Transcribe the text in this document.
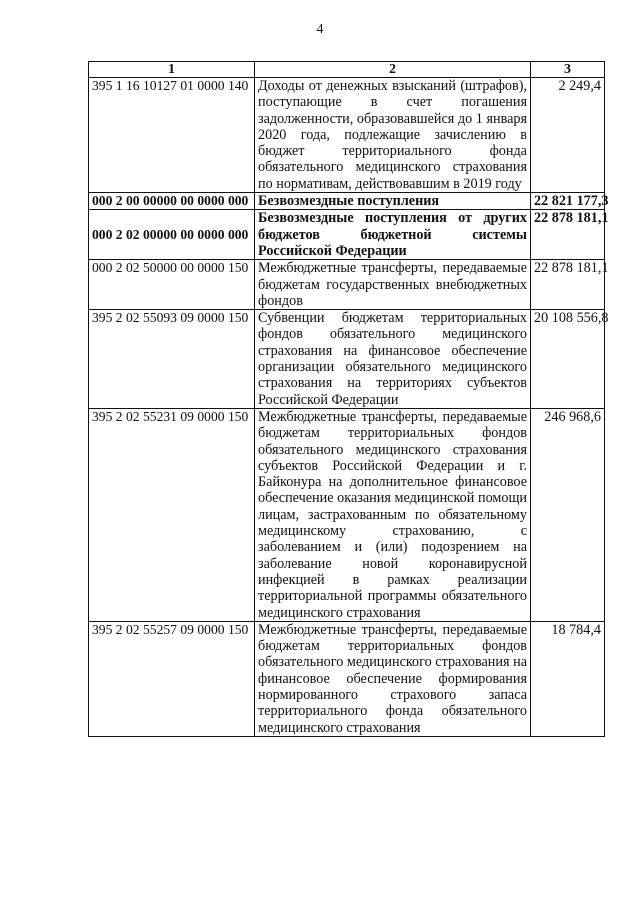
4
1	2	3
395 1 16 10127 01 0000 140	Доходы от денежных взысканий (штрафов), поступающие в счет погашения задолженности, образовавшейся до 1 января 2020 года, подлежащие зачислению в бюджет территориального фонда обязательного медицинского страхования по нормативам, действовавшим в 2019 году	2 249,4
000 2 00 00000 00 0000 000	Безвозмездные поступления	22 821 177,3
000 2 02 00000 00 0000 000	Безвозмездные поступления от других бюджетов бюджетной системы Российской Федерации	22 878 181,1
000 2 02 50000 00 0000 150	Межбюджетные трансферты, передаваемые бюджетам государственных внебюджетных фондов	22 878 181,1
395 2 02 55093 09 0000 150	Субвенции бюджетам территориальных фондов обязательного медицинского страхования на финансовое обеспечение организации обязательного медицинского страхования на территориях субъектов Российской Федерации	20 108 556,8
395 2 02 55231 09 0000 150	Межбюджетные трансферты, передаваемые бюджетам территориальных фондов обязательного медицинского страхования субъектов Российской Федерации и г. Байконура на дополнительное финансовое обеспечение оказания медицинской помощи лицам, застрахованным по обязательному медицинскому страхованию, с заболеванием и (или) подозрением на заболевание новой коронавирусной инфекцией в рамках реализации территориальной программы обязательного медицинского страхования	246 968,6
395 2 02 55257 09 0000 150	Межбюджетные трансферты, передаваемые бюджетам территориальных фондов обязательного медицинского страхования на финансовое обеспечение формирования нормированного страхового запаса территориального фонда обязательного медицинского страхования	18 784,4
